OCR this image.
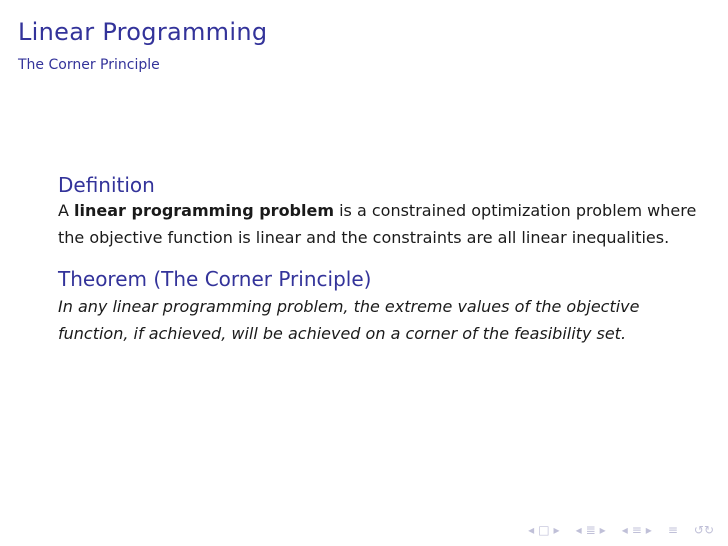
Linear Programming
The Corner Principle
Definition
A linear programming problem is a constrained optimization problem where the objective function is linear and the constraints are all linear inequalities.
Theorem (The Corner Principle)
In any linear programming problem, the extreme values of the objective function, if achieved, will be achieved on a corner of the feasibility set.
◂ □ ▸ ◂ ≣ ▸ ◂ ≡ ▸ ≡ ↺↻
